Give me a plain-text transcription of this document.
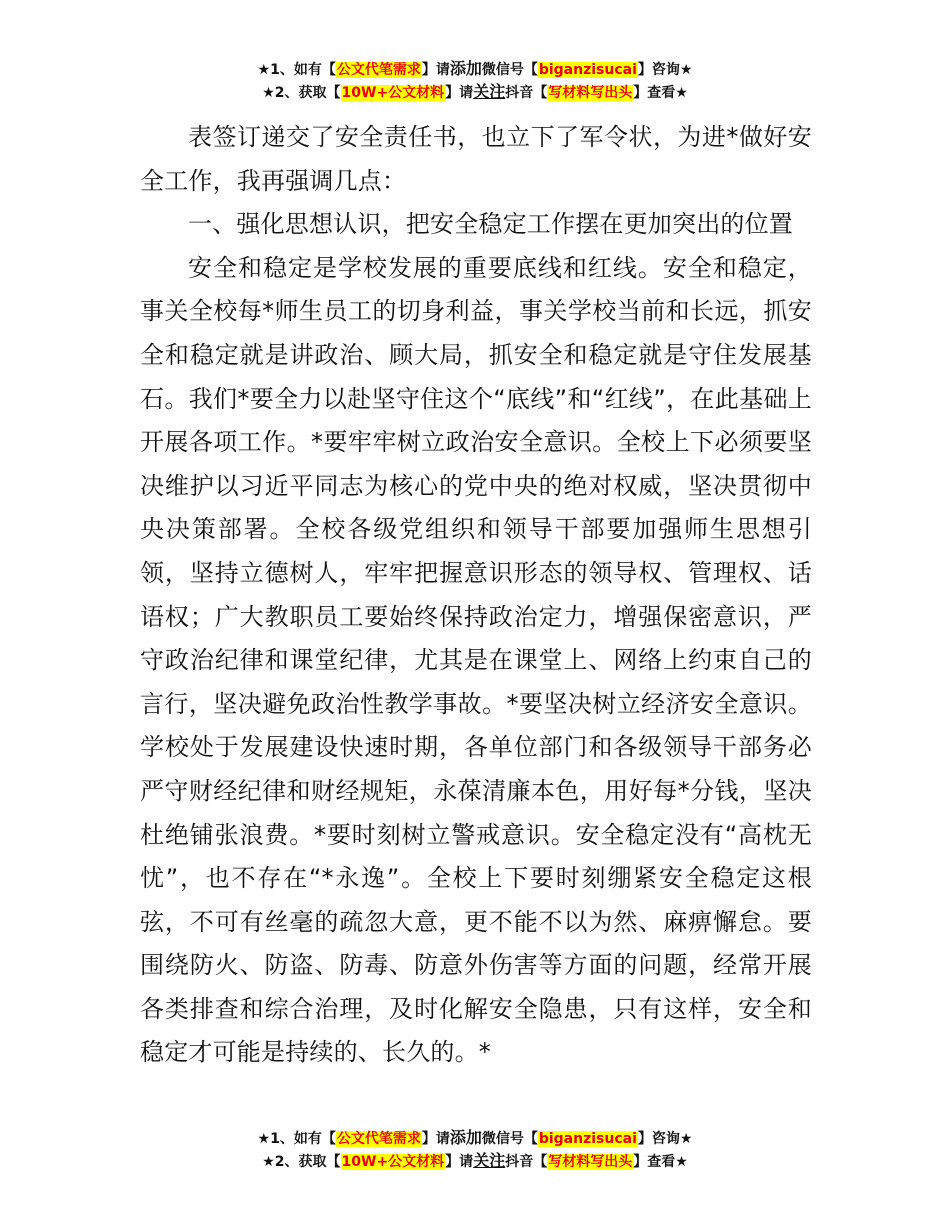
★1、如有【公文代笔需求】请添加微信号【biganzisucai】咨询★
★2、获取【10W+公文材料】请关注抖音【写材料写出头】查看★

表签订递交了安全责任书，也立下了军令状，为进*做好安全工作，我再强调几点：

一、强化思想认识，把安全稳定工作摆在更加突出的位置

安全和稳定是学校发展的重要底线和红线。安全和稳定，事关全校每*师生员工的切身利益，事关学校当前和长远，抓安全和稳定就是讲政治、顾大局，抓安全和稳定就是守住发展基石。我们*要全力以赴坚守住这个“底线”和“红线”，在此基础上开展各项工作。*要牢牢树立政治安全意识。全校上下必须要坚决维护以习近平同志为核心的党中央的绝对权威，坚决贯彻中央决策部署。全校各级党组织和领导干部要加强师生思想引领，坚持立德树人，牢牢把握意识形态的领导权、管理权、话语权；广大教职员工要始终保持政治定力，增强保密意识，严守政治纪律和课堂纪律，尤其是在课堂上、网络上约束自己的言行，坚决避免政治性教学事故。*要坚决树立经济安全意识。学校处于发展建设快速时期，各单位部门和各级领导干部务必严守财经纪律和财经规矩，永葆清廉本色，用好每*分钱，坚决杜绝铺张浪费。*要时刻树立警戒意识。安全稳定没有“高枕无忧”，也不存在“*永逸”。全校上下要时刻绷紧安全稳定这根弦，不可有丝毫的疏忽大意，更不能不以为然、麻痹懈怠。要围绕防火、防盗、防毒、防意外伤害等方面的问题，经常开展各类排查和综合治理，及时化解安全隐患，只有这样，安全和稳定才可能是持续的、长久的。*

★1、如有【公文代笔需求】请添加微信号【biganzisucai】咨询★
★2、获取【10W+公文材料】请关注抖音【写材料写出头】查看★
